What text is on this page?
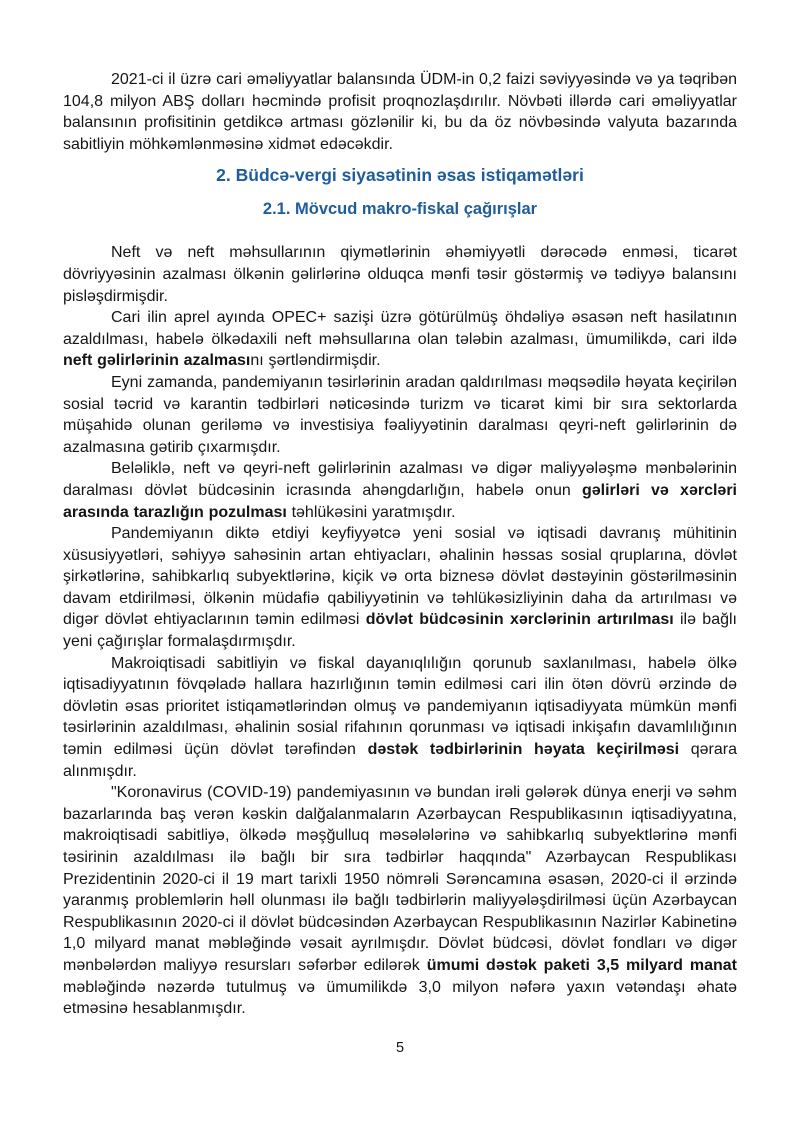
2021-ci il üzrə cari əməliyyatlar balansında ÜDM-in 0,2 faizi səviyyəsində və ya təqribən 104,8 milyon ABŞ dolları həcmində profisit proqnozlaşdırılır. Növbəti illərdə cari əməliyyatlar balansının profisitinin getdikcə artması gözlənilir ki, bu da öz növbəsində valyuta bazarında sabitliyin möhkəmlənməsinə xidmət edəcəkdir.

2. Büdcə-vergi siyasətinin əsas istiqamətləri
2.1. Mövcud makro-fiskal çağırışlar

Neft və neft məhsullarının qiymətlərinin əhəmiyyətli dərəcədə enməsi, ticarət dövriyyəsinin azalması ölkənin gəlirlərinə olduqca mənfi təsir göstərmiş və tədiyyə balansını pisləşdirmişdir.

Cari ilin aprel ayında OPEC+ sazişi üzrə götürülmüş öhdəliyə əsasən neft hasilatının azaldılması, habelə ölkədaxili neft məhsullarına olan tələbin azalması, ümumilikdə, cari ildə neft gəlirlərinin azalmasını şərtləndirmişdir.

Eyni zamanda, pandemiyanın təsirlərinin aradan qaldırılması məqsədilə həyata keçirilən sosial təcrid və karantin tədbirləri nəticəsində turizm və ticarət kimi bir sıra sektorlarda müşahidə olunan geriləmə və investisiya fəaliyyətinin daralması qeyri-neft gəlirlərinin də azalmasına gətirib çıxarmışdır.

Beləliklə, neft və qeyri-neft gəlirlərinin azalması və digər maliyyələşmə mənbələrinin daralması dövlət büdcəsinin icrasında ahəngdarlığın, habelə onun gəlirləri və xərcləri arasında tarazlığın pozulması təhlükəsini yaratmışdır.

Pandemiyanın diktə etdiyi keyfiyyətcə yeni sosial və iqtisadi davranış mühitinin xüsusiyyətləri, səhiyyə sahəsinin artan ehtiyacları, əhalinin həssas sosial qruplarına, dövlət şirkətlərinə, sahibkarlıq subyektlərinə, kiçik və orta biznesə dövlət dəstəyinin göstərilməsinin davam etdirilməsi, ölkənin müdafiə qabiliyyətinin və təhlükəsizliyinin daha da artırılması və digər dövlət ehtiyaclarının təmin edilməsi dövlət büdcəsinin xərclərinin artırılması ilə bağlı yeni çağırışlar formalaşdırmışdır.

Makroiqtisadi sabitliyin və fiskal dayanıqlılığın qorunub saxlanılması, habelə ölkə iqtisadiyyatının fövqəladə hallara hazırlığının təmin edilməsi cari ilin ötən dövrü ərzində də dövlətin əsas prioritet istiqamətlərindən olmuş və pandemiyanın iqtisadiyyata mümkün mənfi təsirlərinin azaldılması, əhalinin sosial rifahının qorunması və iqtisadi inkişafın davamlılığının təmin edilməsi üçün dövlət tərəfindən dəstək tədbirlərinin həyata keçirilməsi qərara alınmışdır.

"Koronavirus (COVID-19) pandemiyasının və bundan irəli gələrək dünya enerji və səhm bazarlarında baş verən kəskin dalğalanmaların Azərbaycan Respublikasının iqtisadiyyatına, makroiqtisadi sabitliyə, ölkədə məşğulluq məsələlərinə və sahibkarlıq subyektlərinə mənfi təsirinin azaldılması ilə bağlı bir sıra tədbirlər haqqında" Azərbaycan Respublikası Prezidentinin 2020-ci il 19 mart tarixli 1950 nömrəli Sərəncamına əsasən, 2020-ci il ərzində yaranmış problemlərin həll olunması ilə bağlı tədbirlərin maliyyələşdirilməsi üçün Azərbaycan Respublikasının 2020-ci il dövlət büdcəsindən Azərbaycan Respublikasının Nazirlər Kabinetinə 1,0 milyard manat məbləğində vəsait ayrılmışdır. Dövlət büdcəsi, dövlət fondları və digər mənbələrdən maliyyə resursları səfərbər edilərək ümumi dəstək paketi 3,5 milyard manat məbləğində nəzərdə tutulmuş və ümumilikdə 3,0 milyon nəfərə yaxın vətəndaşı əhatə etməsinə hesablanmışdır.

5
